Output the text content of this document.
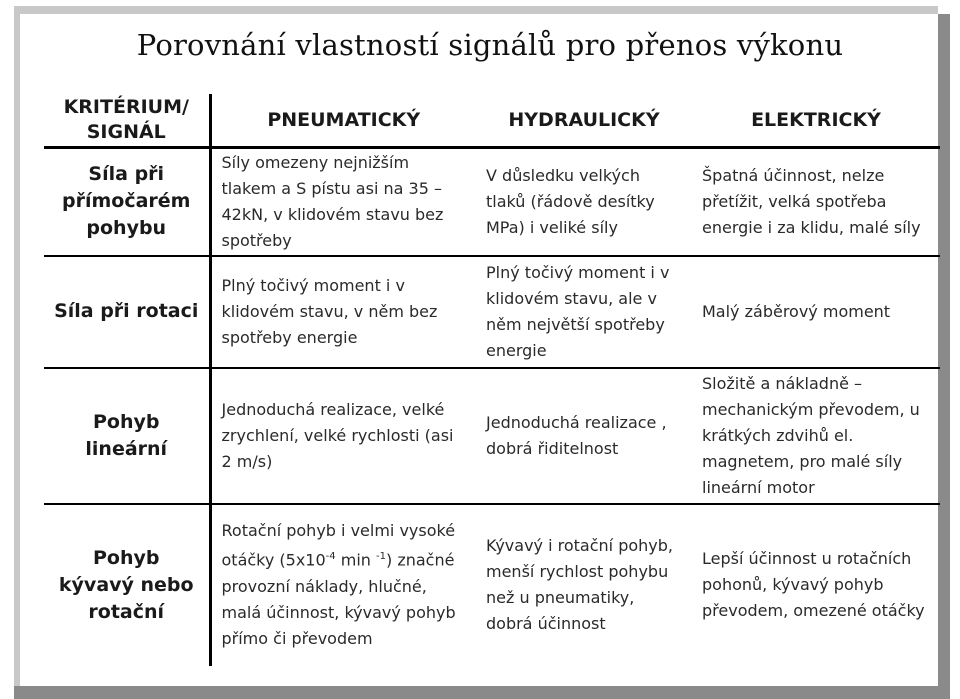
Porovnání vlastností signálů pro přenos výkonu
KRITÉRIUM/ SIGNÁL	PNEUMATICKÝ	HYDRAULICKÝ	ELEKTRICKÝ
Síla při přímočarém pohybu	Síly omezeny nejnižším tlakem a S pístu asi na 35 – 42kN, v klidovém stavu bez spotřeby	V důsledku velkých tlaků (řádově desítky MPa) i veliké síly	Špatná účinnost, nelze přetížit, velká spotřeba energie i za klidu, malé síly
Síla při rotaci	Plný točivý moment i v klidovém stavu, v něm bez spotřeby energie	Plný točivý moment i v klidovém stavu, ale v něm největší spotřeby energie	Malý záběrový moment
Pohyb lineární	Jednoduchá realizace, velké zrychlení, velké rychlosti (asi 2 m/s)	Jednoduchá realizace , dobrá řiditelnost	Složitě a nákladně – mechanickým převodem, u krátkých zdvihů el. magnetem, pro malé síly lineární motor
Pohyb kývavý nebo rotační	Rotační pohyb i velmi vysoké otáčky ($5x10^{-4}$ min $^{-1}$) značné provozní náklady, hlučné, malá účinnost, kývavý pohyb přímo či převodem	Kývavý i rotační pohyb, menší rychlost pohybu než u pneumatiky, dobrá účinnost	Lepší účinnost u rotačních pohonů, kývavý pohyb převodem, omezené otáčky
